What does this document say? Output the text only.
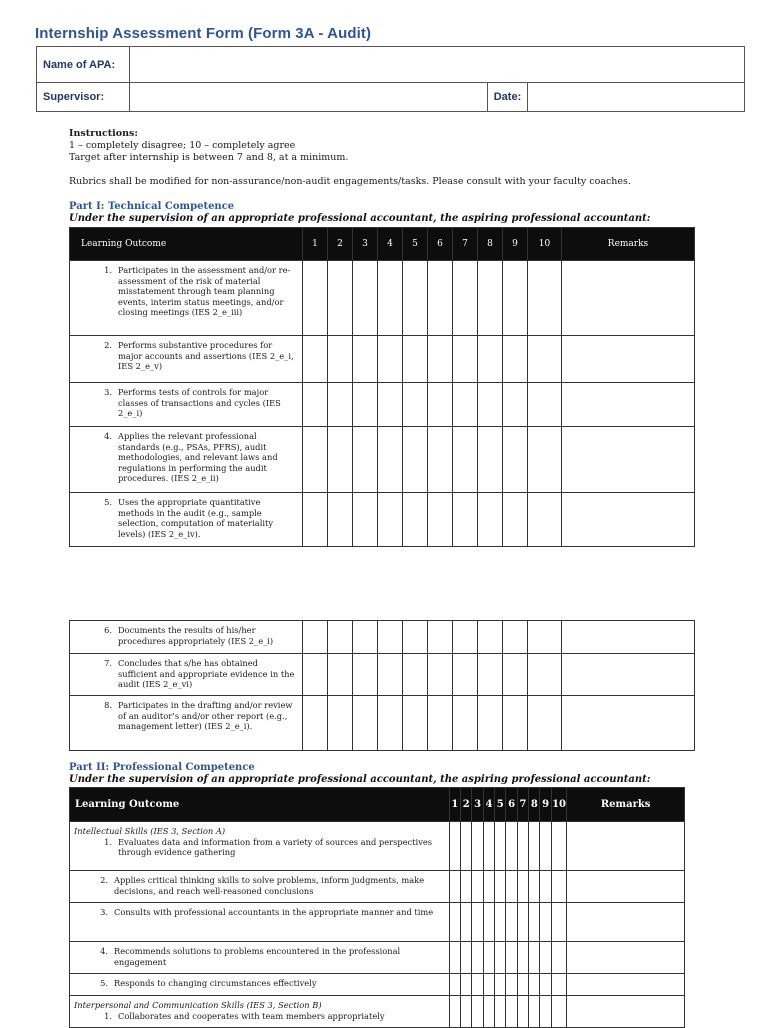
Internship Assessment Form (Form 3A - Audit)
Name of APA:			
Supervisor:		Date:	
Instructions:
1 – completely disagree; 10 – completely agree
Target after internship is between 7 and 8, at a minimum.
Rubrics shall be modified for non-assurance/non-audit engagements/tasks. Please consult with your faculty coaches.
Part I: Technical Competence
Under the supervision of an appropriate professional accountant, the aspiring professional accountant:
Learning Outcome	1	2	3	4	5	6	7	8	9	10	Remarks

1. Participates in the assessment and/or re-assessment of the risk of material misstatement through team planning events, interim status meetings, and/or closing meetings (IES 2_e_iii)											

2. Performs substantive procedures for major accounts and assertions (IES 2_e_i, IES 2_e_v)											

3. Performs tests of controls for major classes of transactions and cycles (IES 2_e_i)											

4. Applies the relevant professional standards (e.g., PSAs, PFRS), audit methodologies, and relevant laws and regulations in performing the audit procedures. (IES 2_e_ii)											

5. Uses the appropriate quantitative methods in the audit (e.g., sample selection, computation of materiality levels) (IES 2_e_iv).											

6. Documents the results of his/her procedures appropriately (IES 2_e_i)											

7. Concludes that s/he has obtained sufficient and appropriate evidence in the audit (IES 2_e_vi)											

8. Participates in the drafting and/or review of an auditor’s and/or other report (e.g., management letter) (IES 2_e_i).											

Part II: Professional Competence
Under the supervision of an appropriate professional accountant, the aspiring professional accountant:
Learning Outcome	1	2	3	4	5	6	7	8	9	10	Remarks

Intellectual Skills (IES 3, Section A)
1. Evaluates data and information from a variety of sources and perspectives through evidence gathering											

2. Applies critical thinking skills to solve problems, inform judgments, make decisions, and reach well-reasoned conclusions											

3. Consults with professional accountants in the appropriate manner and time											

4. Recommends solutions to problems encountered in the professional engagement											

5. Responds to changing circumstances effectively											

Interpersonal and Communication Skills (IES 3, Section B)
1. Collaborates and cooperates with team members appropriately											
